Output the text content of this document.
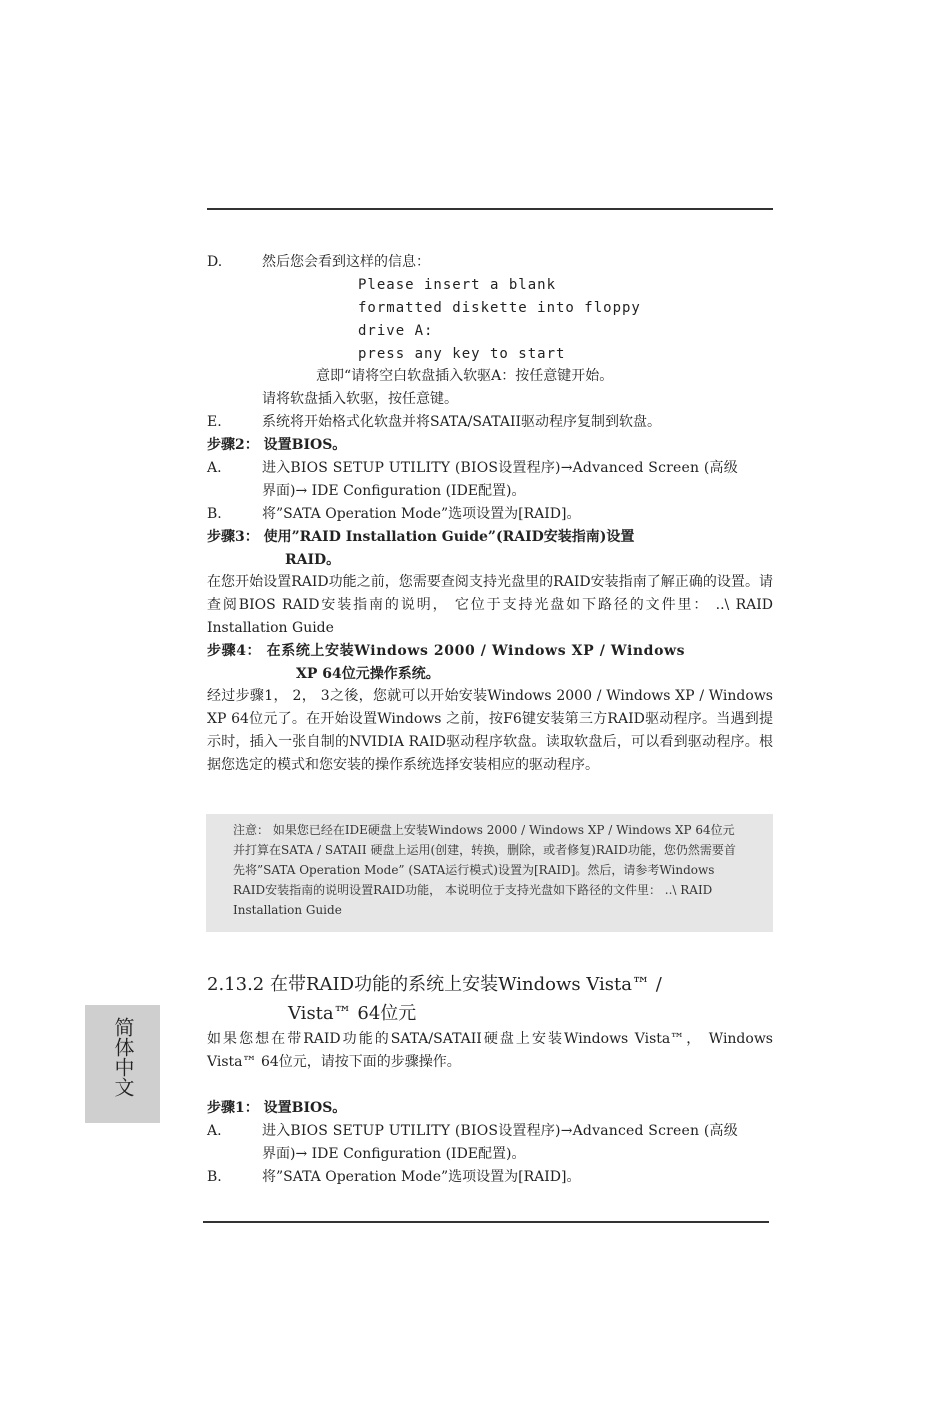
D.	然后您会看到这样的信息：
Please insert a blank
formatted diskette into floppy
drive A:
press any key to start
意即“请将空白软盘插入软驱A：按任意键开始。
请将软盘插入软驱，按任意键。
E.	系统将开始格式化软盘并将SATA/SATAII驱动程序复制到软盘。
步骤2： 设置BIOS。
A.	进入BIOS SETUP UTILITY (BIOS设置程序)→Advanced Screen (高级
界面)→ IDE Configuration (IDE配置)。
B.	将”SATA Operation Mode”选项设置为[RAID]。
步骤3： 使用”RAID Installation Guide”(RAID安装指南)设置
RAID。
在您开始设置RAID功能之前，您需要查阅支持光盘里的RAID安装指南了解正确的设置。请查阅BIOS RAID安装指南的说明， 它位于支持光盘如下路径的文件里： ..\ RAID Installation Guide
步骤4： 在系统上安装Windows 2000 / Windows XP / Windows
XP 64位元操作系统。
经过步骤1， 2， 3之後，您就可以开始安装Windows 2000 / Windows XP / Windows XP 64位元了。在开始设置Windows 之前，按F6键安装第三方RAID驱动程序。当遇到提示时，插入一张自制的NVIDIA RAID驱动程序软盘。读取软盘后，可以看到驱动程序。根据您选定的模式和您安装的操作系统选择安装相应的驱动程序。
注意： 如果您已经在IDE硬盘上安装Windows 2000 / Windows XP / Windows XP 64位元并打算在SATA / SATAII 硬盘上运用(创建，转换，删除，或者修复)RAID功能，您仍然需要首先将”SATA Operation Mode” (SATA运行模式)设置为[RAID]。然后，请参考Windows RAID安装指南的说明设置RAID功能， 本说明位于支持光盘如下路径的文件里： ..\ RAID Installation Guide
2.13.2 在带RAID功能的系统上安装Windows Vista™ /
Vista™ 64位元
如果您想在带RAID功能的SATA/SATAII硬盘上安装Windows Vista™， Windows Vista™ 64位元，请按下面的步骤操作。
步骤1： 设置BIOS。
A.	进入BIOS SETUP UTILITY (BIOS设置程序)→Advanced Screen (高级
界面)→ IDE Configuration (IDE配置)。
B.	将”SATA Operation Mode”选项设置为[RAID]。
简体中文
